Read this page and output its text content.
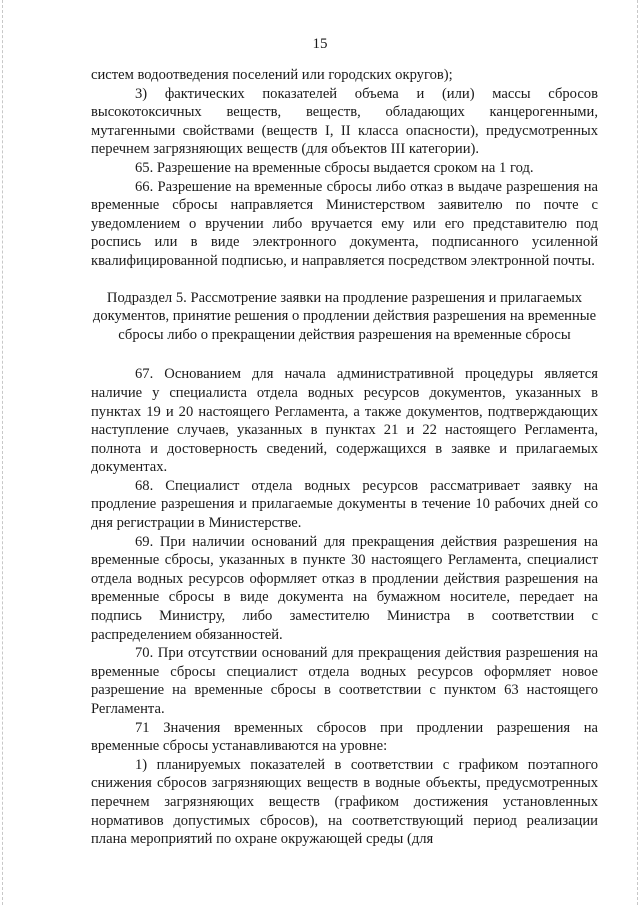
15

систем водоотведения поселений или городских округов);

3) фактических показателей объема и (или) массы сбросов высокотоксичных веществ, веществ, обладающих канцерогенными, мутагенными свойствами (веществ I, II класса опасности), предусмотренных перечнем загрязняющих веществ (для объектов III категории).

65. Разрешение на временные сбросы выдается сроком на 1 год.

66. Разрешение на временные сбросы либо отказ в выдаче разрешения на временные сбросы направляется Министерством заявителю по почте с уведомлением о вручении либо вручается ему или его представителю под роспись или в виде электронного документа, подписанного усиленной квалифицированной подписью, и направляется посредством электронной почты.

Подраздел 5. Рассмотрение заявки на продление разрешения и прилагаемых документов, принятие решения о продлении действия разрешения на временные сбросы либо о прекращении действия разрешения на временные сбросы

67. Основанием для начала административной процедуры является наличие у специалиста отдела водных ресурсов документов, указанных в пунктах 19 и 20 настоящего Регламента, а также документов, подтверждающих наступление случаев, указанных в пунктах 21 и 22 настоящего Регламента, полнота и достоверность сведений, содержащихся в заявке и прилагаемых документах.

68. Специалист отдела водных ресурсов рассматривает заявку на продление разрешения и прилагаемые документы в течение 10 рабочих дней со дня регистрации в Министерстве.

69. При наличии оснований для прекращения действия разрешения на временные сбросы, указанных в пункте 30 настоящего Регламента, специалист отдела водных ресурсов оформляет отказ в продлении действия разрешения на временные сбросы в виде документа на бумажном носителе, передает на подпись Министру, либо заместителю Министра в соответствии с распределением обязанностей.

70. При отсутствии оснований для прекращения действия разрешения на временные сбросы специалист отдела водных ресурсов оформляет новое разрешение на временные сбросы в соответствии с пунктом 63 настоящего Регламента.

71 Значения временных сбросов при продлении разрешения на временные сбросы устанавливаются на уровне:

1) планируемых показателей в соответствии с графиком поэтапного снижения сбросов загрязняющих веществ в водные объекты, предусмотренных перечнем загрязняющих веществ (графиком достижения установленных нормативов допустимых сбросов), на соответствующий период реализации плана мероприятий по охране окружающей среды (для
